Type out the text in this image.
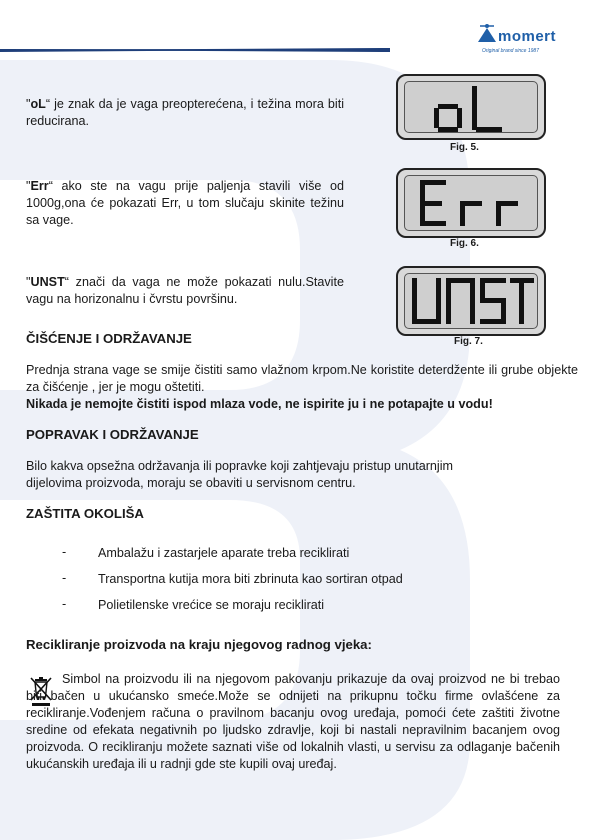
momert
Original brand since 1987
"oL“ je znak da je vaga preopterećena, i težina mora biti reducirana.
Fig. 5.
"Err“ ako ste na vagu prije paljenja stavili više od 1000g,ona će pokazati Err, u tom slučaju skinite težinu sa vage.
Fig. 6.
"UNST“ znači da vaga ne može pokazati nulu.Stavite vagu na horizonalnu i čvrstu površinu.
Fig. 7.
ČIŠĆENJE I ODRŽAVANJE
Prednja strana vage se smije čistiti samo vlažnom krpom.Ne koristite deterdžente ili grube objekte za čišćenje , jer je mogu oštetiti.
Nikada je nemojte čistiti ispod mlaza vode, ne ispirite ju i ne potapajte u vodu!
POPRAVAK I ODRŽAVANJE
Bilo kakva opsežna održavanja ili popravke koji zahtjevaju pristup unutarnjim dijelovima proizvoda, moraju se obaviti u servisnom centru.
ZAŠTITA OKOLIŠA
-	Ambalažu i zastarjele aparate treba reciklirati
-	Transportna kutija mora biti zbrinuta kao sortiran otpad
-	Polietilenske vrećice se moraju reciklirati
Recikliranje proizvoda na kraju njegovog radnog vjeka:
Simbol na proizvodu ili na njegovom pakovanju prikazuje da ovaj proizvod ne bi trebao biti bačen u ukućansko smeće.Može se odnijeti na prikupnu točku firme ovlašćene za recikliranje.Vođenjem računa o pravilnom bacanju ovog uređaja, pomoći ćete zaštiti životne sredine od efekata negativnih po ljudsko zdravlje, koji bi nastali nepravilnim bacanjem ovog proizvoda. O recikliranju možete saznati više od lokalnih vlasti, u servisu za odlaganje bačenih ukućanskih uređaja ili u radnji gde ste kupili ovaj uređaj.
